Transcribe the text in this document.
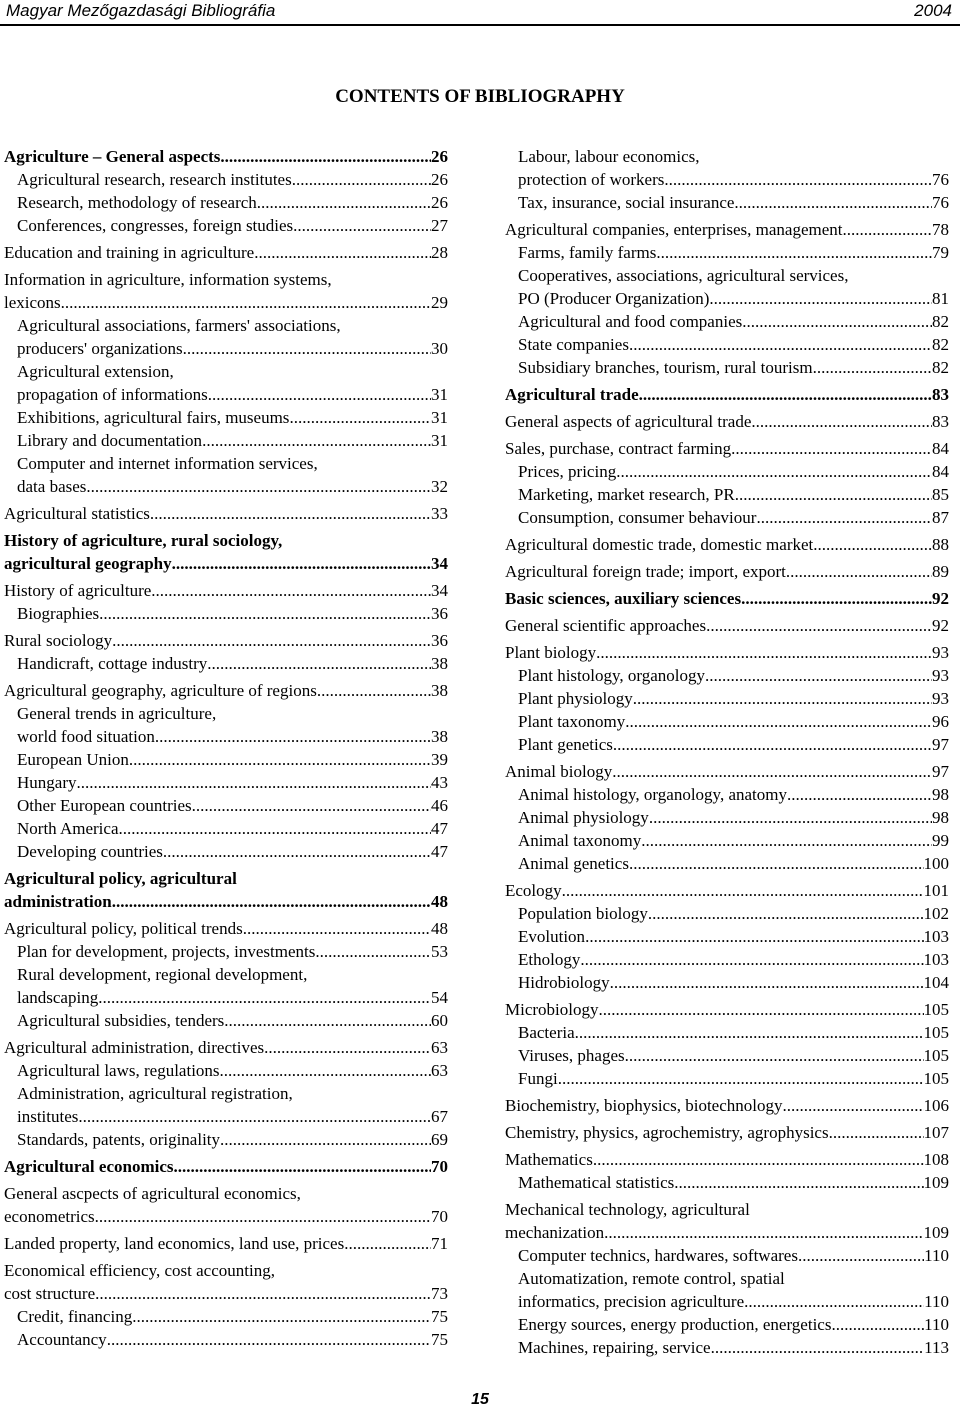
Magyar Mezőgazdasági Bibliográfia	2004
CONTENTS OF BIBLIOGRAPHY
Agriculture – General aspects .....	26
Agricultural research, research institutes .....	26
Research, methodology of research .....	26
Conferences, congresses, foreign studies .....	27
Education and training in agriculture .....	28
Information in agriculture, information systems,
lexicons .....	29
Agricultural associations, farmers' associations,
producers' organizations .....	30
Agricultural extension,
propagation of informations .....	31
Exhibitions, agricultural fairs, museums .....	31
Library and documentation .....	31
Computer and internet information services,
data bases .....	32
Agricultural statistics .....	33
History of agriculture, rural sociology,
agricultural geography .....	34
History of agriculture .....	34
Biographies .....	36
Rural sociology .....	36
Handicraft, cottage industry .....	38
Agricultural geography, agriculture of regions .....	38
General trends in agriculture,
world food situation .....	38
European Union .....	39
Hungary .....	43
Other European countries .....	46
North America .....	47
Developing countries .....	47
Agricultural policy, agricultural
administration .....	48
Agricultural policy, political trends .....	48
Plan for development, projects, investments .....	53
Rural development, regional development,
landscaping .....	54
Agricultural subsidies, tenders .....	60
Agricultural administration, directives .....	63
Agricultural laws, regulations .....	63
Administration, agricultural registration,
institutes .....	67
Standards, patents, originality .....	69
Agricultural economics .....	70
General ascpects of agricultural economics,
econometrics .....	70
Landed property, land economics, land use, prices .....	71
Economical efficiency, cost accounting,
cost structure .....	73
Credit, financing .....	75
Accountancy .....	75
Labour, labour economics,
protection of workers .....	76
Tax, insurance, social insurance .....	76
Agricultural companies, enterprises, management .....	78
Farms, family farms .....	79
Cooperatives, associations, agricultural services,
PO (Producer Organization) .....	81
Agricultural and food companies .....	82
State companies .....	82
Subsidiary branches, tourism, rural tourism .....	82
Agricultural trade .....	83
General aspects of agricultural trade .....	83
Sales, purchase, contract farming .....	84
Prices, pricing .....	84
Marketing, market research, PR .....	85
Consumption, consumer behaviour .....	87
Agricultural domestic trade, domestic market .....	88
Agricultural foreign trade; import, export .....	89
Basic sciences, auxiliary sciences .....	92
General scientific approaches .....	92
Plant biology .....	93
Plant histology, organology .....	93
Plant physiology .....	93
Plant taxonomy .....	96
Plant genetics .....	97
Animal biology .....	97
Animal histology, organology, anatomy .....	98
Animal physiology .....	98
Animal taxonomy .....	99
Animal genetics .....	100
Ecology .....	101
Population biology .....	102
Evolution .....	103
Ethology .....	103
Hidrobiology .....	104
Microbiology .....	105
Bacteria .....	105
Viruses, phages .....	105
Fungi .....	105
Biochemistry, biophysics, biotechnology .....	106
Chemistry, physics, agrochemistry, agrophysics .....	107
Mathematics .....	108
Mathematical statistics .....	109
Mechanical technology, agricultural
mechanization .....	109
Computer technics, hardwares, softwares .....	110
Automatization, remote control, spatial
informatics, precision agriculture .....	110
Energy sources, energy production, energetics .....	110
Machines, repairing, service .....	113
15
